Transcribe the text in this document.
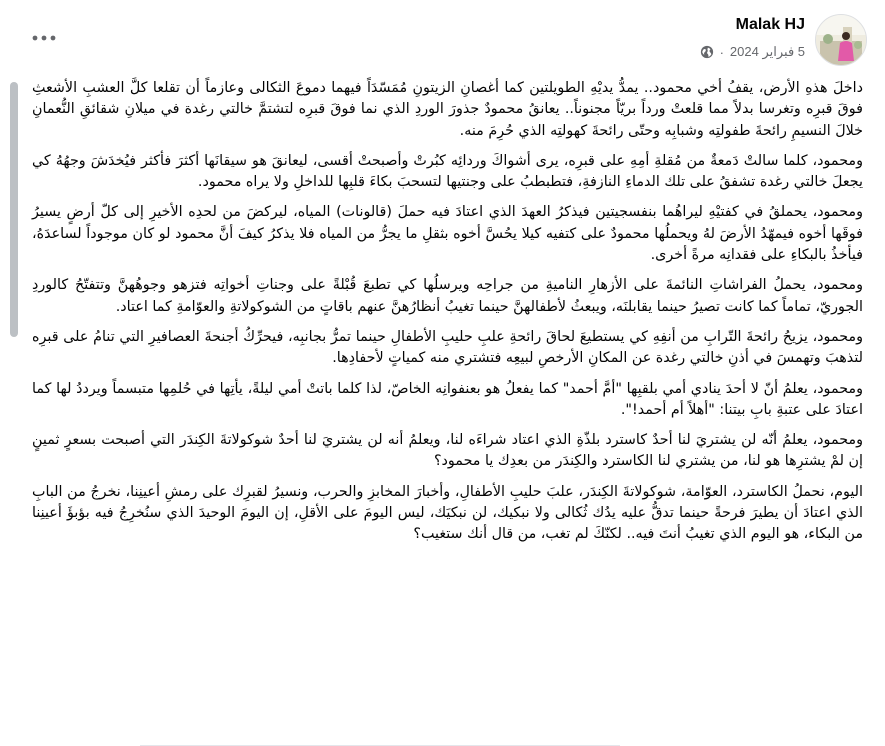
Malak HJ
5 فبراير 2024
·

داخلَ هذهِ الأرض، يقفُ أخي محمود.. يمدُّ يديْهِ الطويلتين كما أغصانِ الزيتونِ مُمَسّدَاً فيهما دموعَ الثكالى وعازماً أن تقلعا كلَّ العشبِ الأشعثِ فوقَ قبرِه وتغرسا بدلاً مما قلعتْ ورداً بريّاً مجنوناً.. يعانقُ محمودٌ جذورَ الوردِ الذي نما فوقَ قبرِه لتشتمَّ خالتي رغدة في ميلانِ شقائقِ النُّعمانِ خلالَ النسيمِ رائحةَ طفولتِه وشبابِه وحتّى رائحةَ كهولتِه الذي حُرِمَ منه.

ومحمود، كلما سالتْ دَمعةٌ من مُقلةِ أمِهِ على قبرِه، يرى أشواكَ وردائِه كبُرتْ وأصبحتْ أقسى، ليعانقَ هو سيقانَها أكثرَ فأكثر فيُخدَشَ وجهُهُ كي يجعلَ خالتي رغدة تشفقُ على تلك الدماءِ النازفةِ، فتطبطبُ على وجنتيها لتسحبَ بكاءَ قلبِها للداخلِ ولا يراه محمود.

ومحمود، يحملقُ في كفتيْهِ ليراهُما بنفسجيتين فيذكرُ العهدَ الذي اعتادَ فيه حملَ (قالونات) المياه، ليركضَ من لحدِه الأخيرِ إلى كلّ أرضٍ يسيرُ فوقَها أخوه فيمهّدُ الأرضَ لهُ ويحملُها محمودٌ على كتفيه كيلا يحُسَّ أخوه بثقلِ ما يجرُّ من المياه فلا يذكرُ كيفَ أنَّ محمود لو كان موجوداً لساعدَهُ، فيأخذُ بالبكاءِ على فقدانِه مرةً أخرى.

ومحمود، يحملُ الفراشاتِ النائمةَ على الأزهارِ الناميةِ من جراحِه ويرسلُها كي تطبعَ قُبْلةً على وجناتِ أخواتِه فتزهو وجوهُهنَّ وتتفتّحُ كالوردِ الجوريّ، تماماً كما كانت تصيرُ حينما يقابلنَه، ويبعثُ لأطفالهنَّ حينما تغيبُ أنظارُهنَّ عنهم باقاتٍ من الشوكولاتةِ والعوّامةِ كما اعتاد.

ومحمود، يزيحُ رائحةَ التّرابِ من أنفِهِ كي يستطيعَ لحاقَ رائحةِ علبِ حليبِ الأطفالِ حينما تمرُّ بجانبِه، فيحرِّكُ أجنحةَ العصافيرِ التي تنامُ على قبرِه لتذهبَ وتهمسَ في أذنِ خالتي رغدة عن المكانِ الأرخصِ لبيعِه فتشتري منه كمياتٍ لأحفادِها.

ومحمود، يعلمُ أنّ لا أحدَ ينادي أمي بلقبِها "أمَّ أحمد" كما يفعلُ هو بعنفوانِه الخاصّ، لذا كلما باتتْ أمي ليلةً، يأتِها في حُلمِها متبسماً ويرددُ لها كما اعتادَ على عتبةِ بابِ بيتنا: "أهلاً أم أحمد!".

ومحمود، يعلمُ أنّه لن يشتريَ لنا أحدٌ كاسترد بلذّةِ الذي اعتاد شراءَه لنا، ويعلمُ أنه لن يشتريَ لنا أحدٌ شوكولاتةَ الكِندَر التي أصبحت بسعرٍ ثمينٍ إن لمْ يشترِها هو لنا، من يشتري لنا الكاسترد والكِندَر من بعدِك يا محمود؟

اليوم، نحملُ الكاسترد، العوّامة، شوكولاتةَ الكِندَر، علبَ حليبِ الأطفالِ، وأخبارَ المخابزِ والحرب، ونسيرُ لقبرِك على رمشِ أعينِنا، نخرجُ من البابِ الذي اعتادَ أن يطيرَ فرحةً حينما تدقُّ عليه يدُك ثُكالى ولا نبكيك، لن نبكيَك، ليس اليومَ على الأقلِ، إن اليومَ الوحيدَ الذي سنُخرِجُ فيه بؤبؤَ أعينِنا من البكاء، هو اليوم الذي تغيبُ أنتَ فيه.. لكنّكَ لم تغب، من قال أنك ستغيب؟
